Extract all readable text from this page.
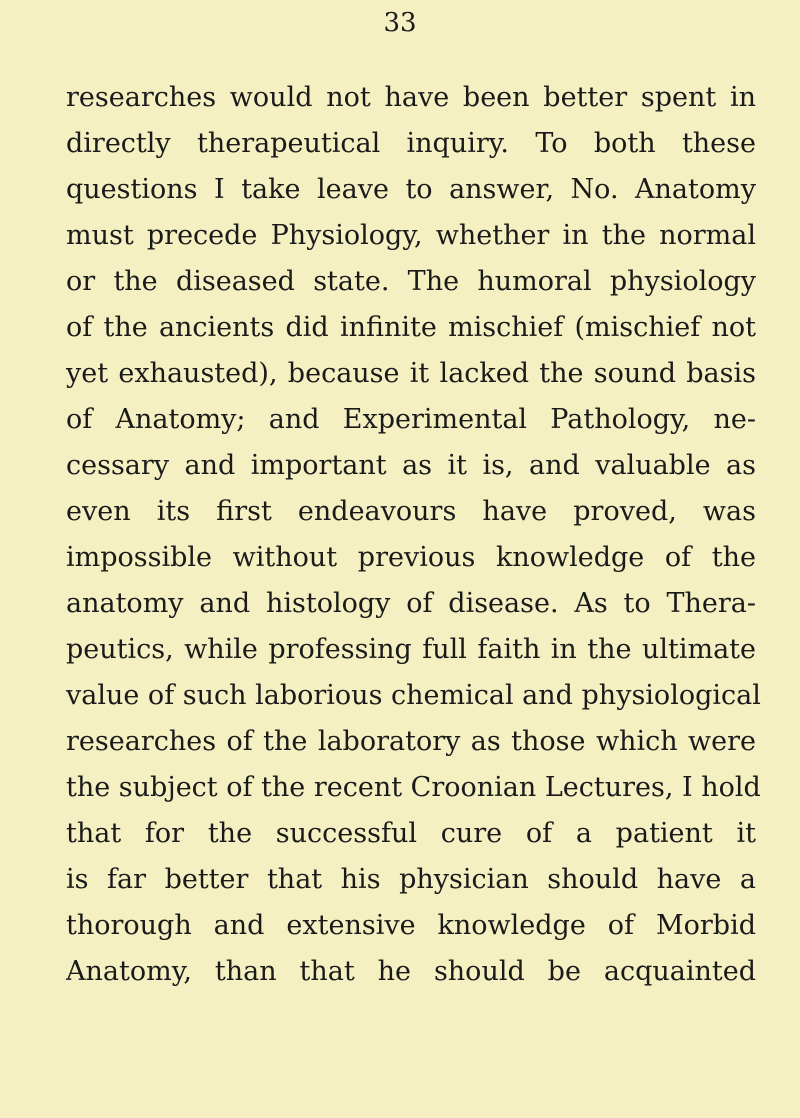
33
researches would not have been better spent in
directly therapeutical inquiry. To both these
questions I take leave to answer, No. Anatomy
must precede Physiology, whether in the normal
or the diseased state. The humoral physiology
of the ancients did infinite mischief (mischief not
yet exhausted), because it lacked the sound basis
of Anatomy; and Experimental Pathology, ne-
cessary and important as it is, and valuable as
even its first endeavours have proved, was
impossible without previous knowledge of the
anatomy and histology of disease. As to Thera-
peutics, while professing full faith in the ultimate
value of such laborious chemical and physiological
researches of the laboratory as those which were
the subject of the recent Croonian Lectures, I hold
that for the successful cure of a patient it
is far better that his physician should have a
thorough and extensive knowledge of Morbid
Anatomy, than that he should be acquainted
